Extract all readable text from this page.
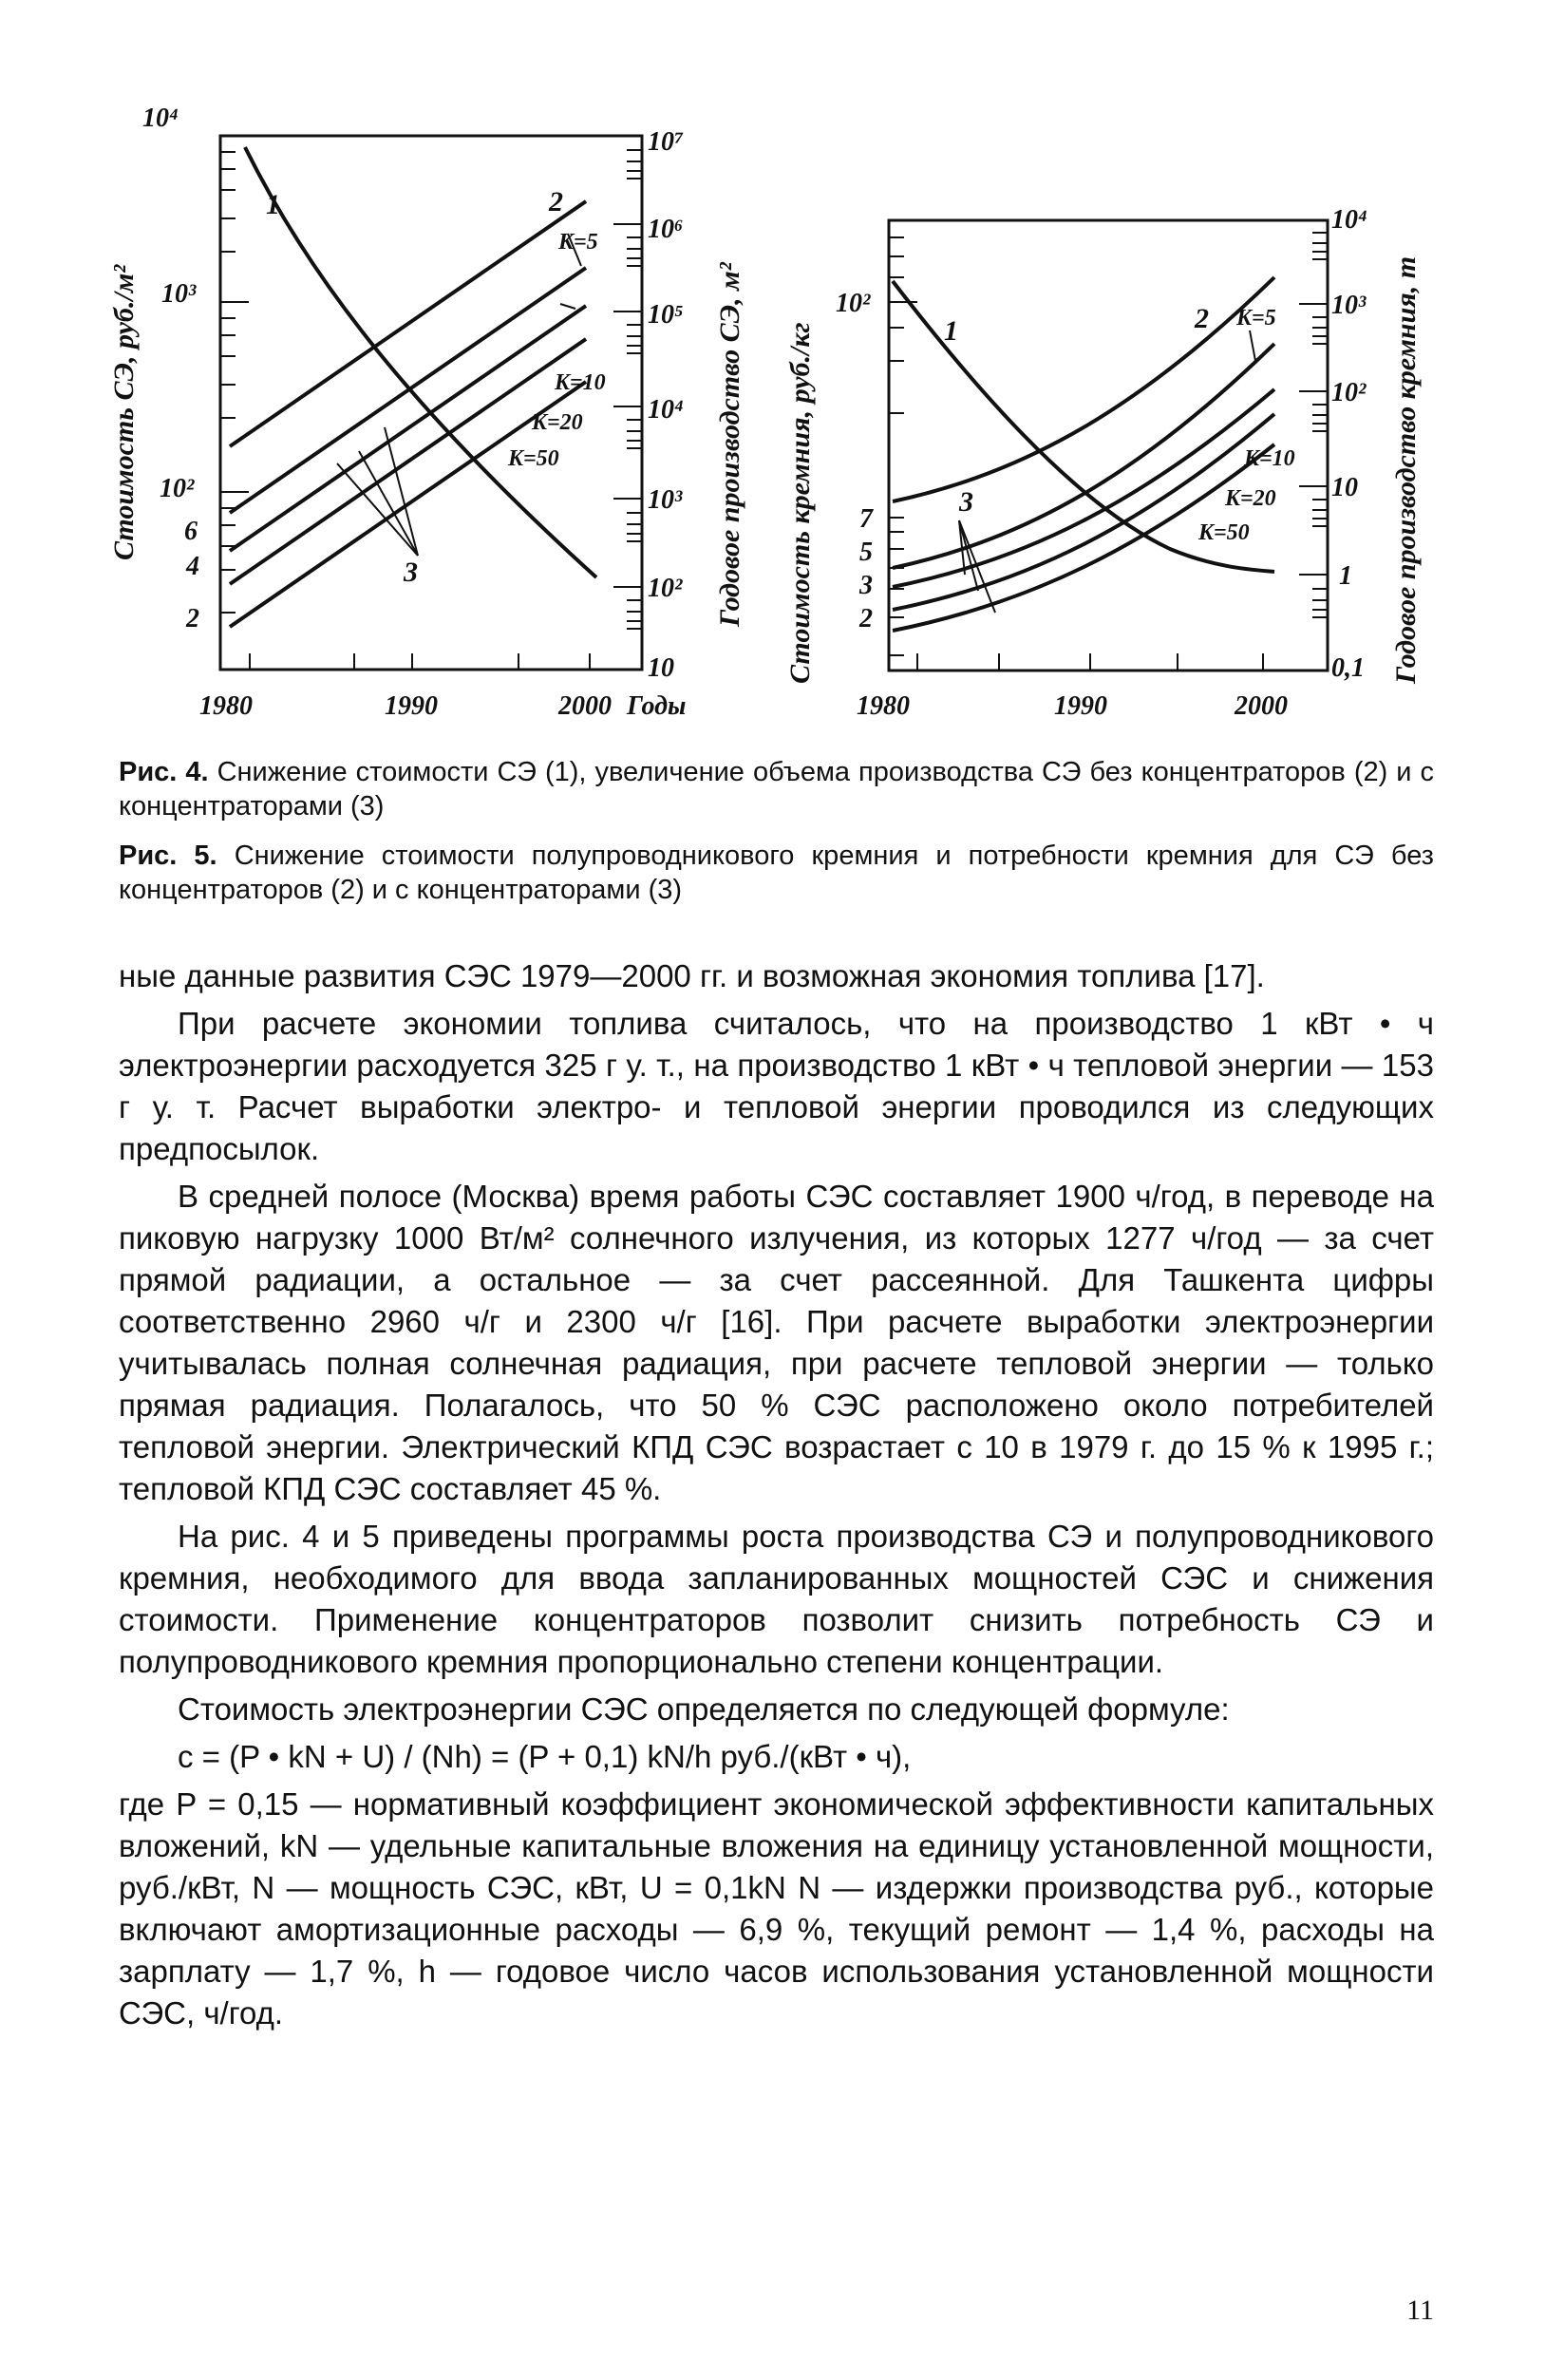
10⁴
10³
10²
6
4
2
10⁷
10⁶
10⁵
10⁴
10³
10²
10
1980	1990	2000 Годы
Стоимость СЭ, руб./м²	Годовое производство СЭ, м²
1	2
3
K=5
K=10
K=20
K=50
10²
7
5
3
2
10⁴
10³
10²
10
1
0,1
1980	1990	2000
Стоимость кремния, руб./кг	Годовое производство кремния, т
1	2
3
K=5
K=10
K=20
K=50
Рис. 4. Снижение стоимости СЭ (1), увеличение объема производства СЭ без концентраторов (2) и с концентраторами (3)
Рис. 5. Снижение стоимости полупроводникового кремния и потребности кремния для СЭ без концентраторов (2) и с концентраторами (3)

ные данные развития СЭС 1979—2000 гг. и возможная экономия топлива [17].

При расчете экономии топлива считалось, что на производство 1 кВт • ч электроэнергии расходуется 325 г у. т., на производство 1 кВт • ч тепловой энергии — 153 г у. т. Расчет выработки электро- и тепловой энергии проводился из следующих предпосылок.

В средней полосе (Москва) время работы СЭС составляет 1900 ч/год, в переводе на пиковую нагрузку 1000 Вт/м² солнечного излучения, из которых 1277 ч/год — за счет прямой радиации, а остальное — за счет рассеянной. Для Ташкента цифры соответственно 2960 ч/г и 2300 ч/г [16]. При расчете выработки электроэнергии учитывалась полная солнечная радиация, при расчете тепловой энергии — только прямая радиация. Полагалось, что 50 % СЭС расположено около потребителей тепловой энергии. Электрический КПД СЭС возрастает с 10 в 1979 г. до 15 % к 1995 г.; тепловой КПД СЭС составляет 45 %.

На рис. 4 и 5 приведены программы роста производства СЭ и полупроводникового кремния, необходимого для ввода запланированных мощностей СЭС и снижения стоимости. Применение концентраторов позволит снизить потребность СЭ и полупроводникового кремния пропорционально степени концентрации.

Стоимость электроэнергии СЭС определяется по следующей формуле:

с = (P • kN + U) / (Nh) = (P + 0,1) kN/h руб./(кВт • ч),

где P = 0,15 — нормативный коэффициент экономической эффективности капитальных вложений, kN — удельные капитальные вложения на единицу установленной мощности, руб./кВт, N — мощность СЭС, кВт, U = 0,1kN N — издержки производства руб., которые включают амортизационные расходы — 6,9 %, текущий ремонт — 1,4 %, расходы на зарплату — 1,7 %, h — годовое число часов использования установленной мощности СЭС, ч/год.

11
